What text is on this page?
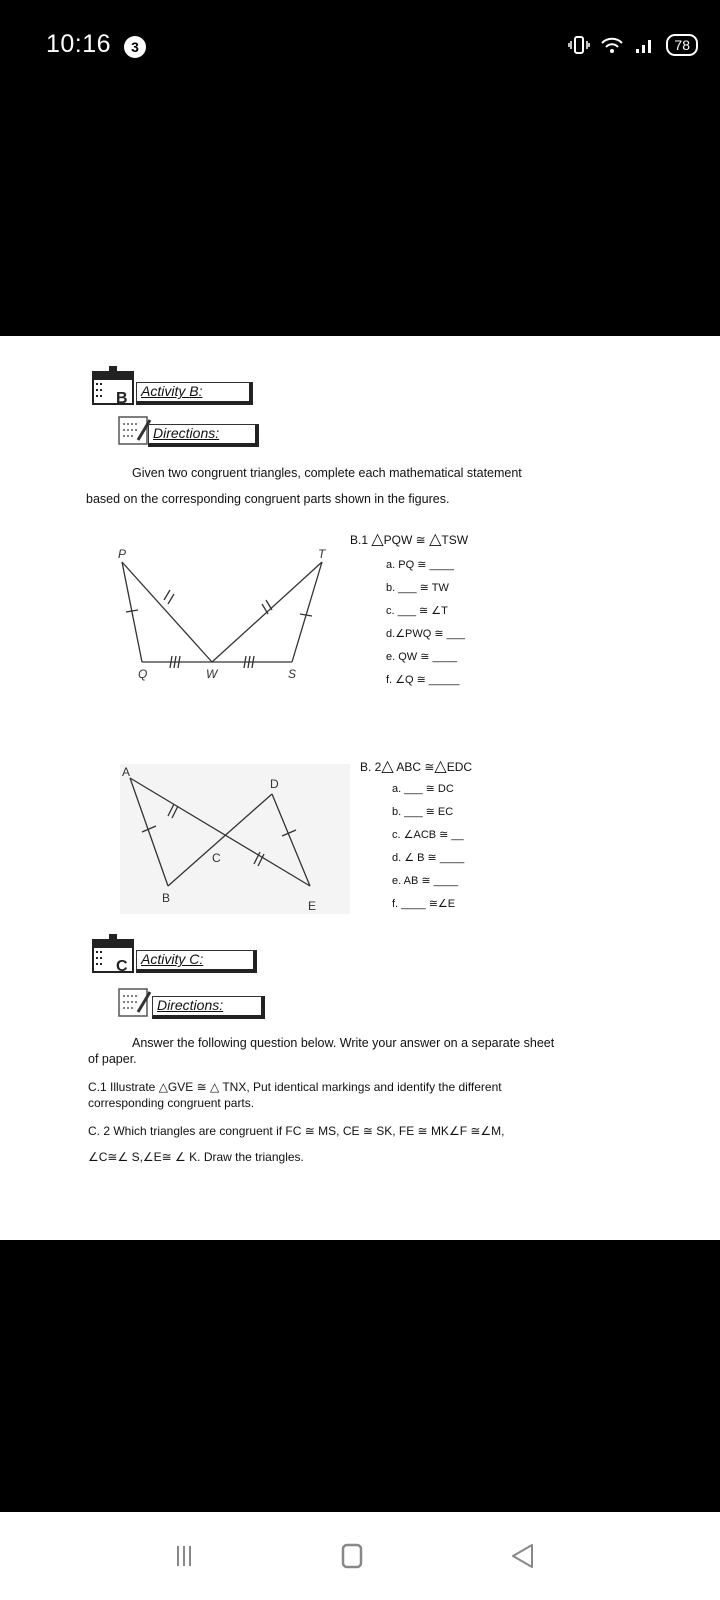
10:16	3	78
B Activity B:
Directions:
Given two congruent triangles, complete each mathematical statement
based on the corresponding congruent parts shown in the figures.
P	T
Q	W	S
B.1 △PQW ≅ △TSW
a. PQ ≅ ____
b. ___ ≅ TW
c. ___ ≅ ∠T
d.∠PWQ ≅ ___
e. QW ≅ ____
f. ∠Q ≅ _____
A
D
C
B
E
B. 2△ ABC ≅△EDC
a. ___ ≅ DC
b. ___ ≅ EC
c. ∠ACB ≅ __
d. ∠ B ≅ ____
e. AB ≅ ____
f. ____ ≅∠E
C Activity C:
Directions:
Answer the following question below. Write your answer on a separate sheet
of paper.
C.1 Illustrate △GVE ≅ △ TNX, Put identical markings and identify the different
corresponding congruent parts.
C. 2 Which triangles are congruent if FC ≅ MS, CE ≅ SK, FE ≅ MK∠F ≅∠M,
∠C≅∠ S,∠E≅ ∠ K. Draw the triangles.
